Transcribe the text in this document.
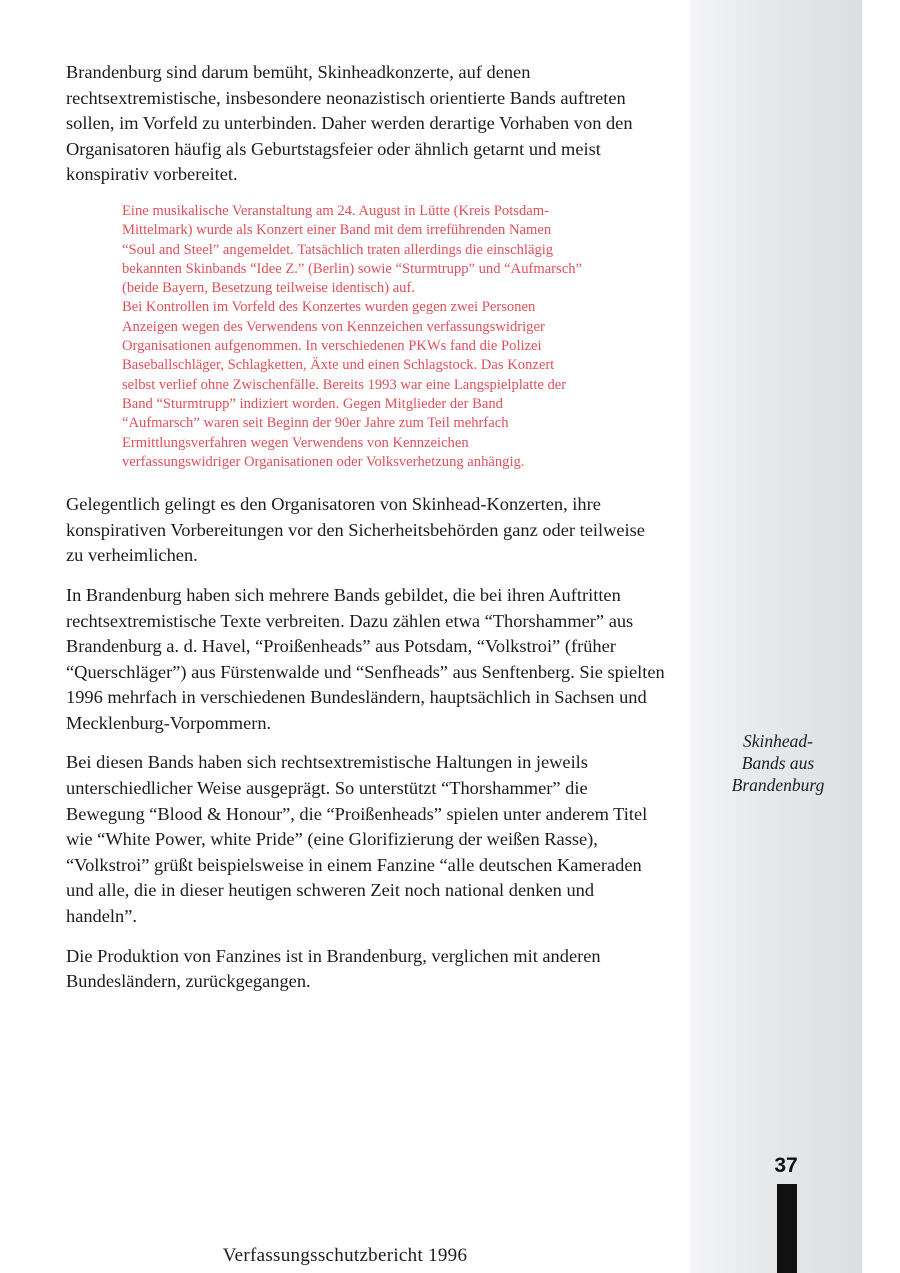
Brandenburg sind darum bemüht, Skinheadkonzerte, auf denen rechtsextremistische, insbesondere neonazistisch orientierte Bands auftreten sollen, im Vorfeld zu unterbinden. Daher werden derartige Vorhaben von den Organisatoren häufig als Geburtstagsfeier oder ähnlich getarnt und meist konspirativ vorbereitet.

Eine musikalische Veranstaltung am 24. August in Lütte (Kreis Potsdam-Mittelmark) wurde als Konzert einer Band mit dem irreführenden Namen “Soul and Steel” angemeldet. Tatsächlich traten allerdings die einschlägig bekannten Skinbands “Idee Z.” (Berlin) sowie “Sturmtrupp” und “Aufmarsch” (beide Bayern, Besetzung teilweise identisch) auf.

Bei Kontrollen im Vorfeld des Konzertes wurden gegen zwei Personen Anzeigen wegen des Verwendens von Kennzeichen verfassungswidriger Organisationen aufgenommen. In verschiedenen PKWs fand die Polizei Baseballschläger, Schlagketten, Äxte und einen Schlagstock. Das Konzert selbst verlief ohne Zwischenfälle. Bereits 1993 war eine Langspielplatte der Band “Sturmtrupp” indiziert worden. Gegen Mitglieder der Band “Aufmarsch” waren seit Beginn der 90er Jahre zum Teil mehrfach Ermittlungsverfahren wegen Verwendens von Kennzeichen verfassungswidriger Organisationen oder Volksverhetzung anhängig.

Gelegentlich gelingt es den Organisatoren von Skinhead-Konzerten, ihre konspirativen Vorbereitungen vor den Sicherheitsbehörden ganz oder teilweise zu verheimlichen.

In Brandenburg haben sich mehrere Bands gebildet, die bei ihren Auftritten rechtsextremistische Texte verbreiten. Dazu zählen etwa “Thorshammer” aus Brandenburg a. d. Havel, “Proißenheads” aus Potsdam, “Volkstroi” (früher “Querschläger”) aus Fürstenwalde und “Senfheads” aus Senftenberg. Sie spielten 1996 mehrfach in verschiedenen Bundesländern, hauptsächlich in Sachsen und Mecklenburg-Vorpommern.

Bei diesen Bands haben sich rechtsextremistische Haltungen in jeweils unterschiedlicher Weise ausgeprägt. So unterstützt “Thorshammer” die Bewegung “Blood & Honour”, die “Proißenheads” spielen unter anderem Titel wie “White Power, white Pride” (eine Glorifizierung der weißen Rasse), “Volkstroi” grüßt beispielsweise in einem Fanzine “alle deutschen Kameraden und alle, die in dieser heutigen schweren Zeit noch national denken und handeln”.

Die Produktion von Fanzines ist in Brandenburg, verglichen mit anderen Bundesländern, zurückgegangen.

Skinhead-
Bands aus
Brandenburg
37
Verfassungsschutzbericht 1996
